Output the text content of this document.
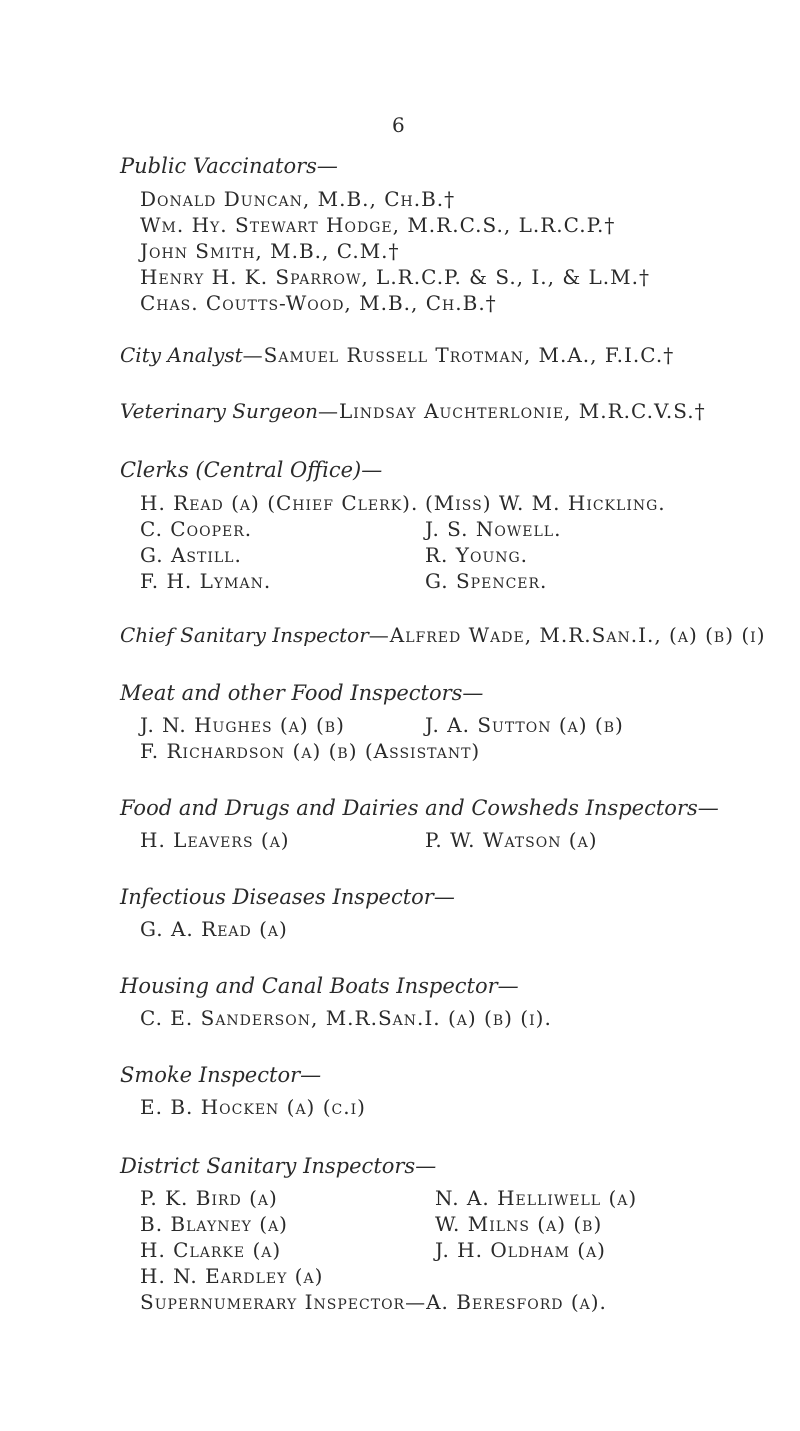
6
Public Vaccinators—
Donald Duncan, M.B., Ch.B.†
Wm. Hy. Stewart Hodge, M.R.C.S., L.R.C.P.†
John Smith, M.B., C.M.†
Henry H. K. Sparrow, L.R.C.P. & S., I., & L.M.†
Chas. Coutts-Wood, M.B., Ch.B.†
City Analyst—Samuel Russell Trotman, M.A., F.I.C.†
Veterinary Surgeon—Lindsay Auchterlonie, M.R.C.V.S.†
Clerks (Central Office)—
H. Read (a) (Chief Clerk).
C. Cooper.
G. Astill.
F. H. Lyman.
(Miss) W. M. Hickling.
J. S. Nowell.
R. Young.
G. Spencer.
Chief Sanitary Inspector—Alfred Wade, M.R.San.I., (a) (b) (i)
Meat and other Food Inspectors—
J. N. Hughes (a) (b)	J. A. Sutton (a) (b)
F. Richardson (a) (b) (Assistant)
Food and Drugs and Dairies and Cowsheds Inspectors—
H. Leavers (a)	P. W. Watson (a)
Infectious Diseases Inspector—
G. A. Read (a)
Housing and Canal Boats Inspector—
C. E. Sanderson, M.R.San.I. (a) (b) (i).
Smoke Inspector—
E. B. Hocken (a) (c.i)
District Sanitary Inspectors—
P. K. Bird (a)
B. Blayney (a)
H. Clarke (a)
H. N. Eardley (a)
N. A. Helliwell (a)
W. Milns (a) (b)
J. H. Oldham (a)
Supernumerary Inspector—A. Beresford (a).
